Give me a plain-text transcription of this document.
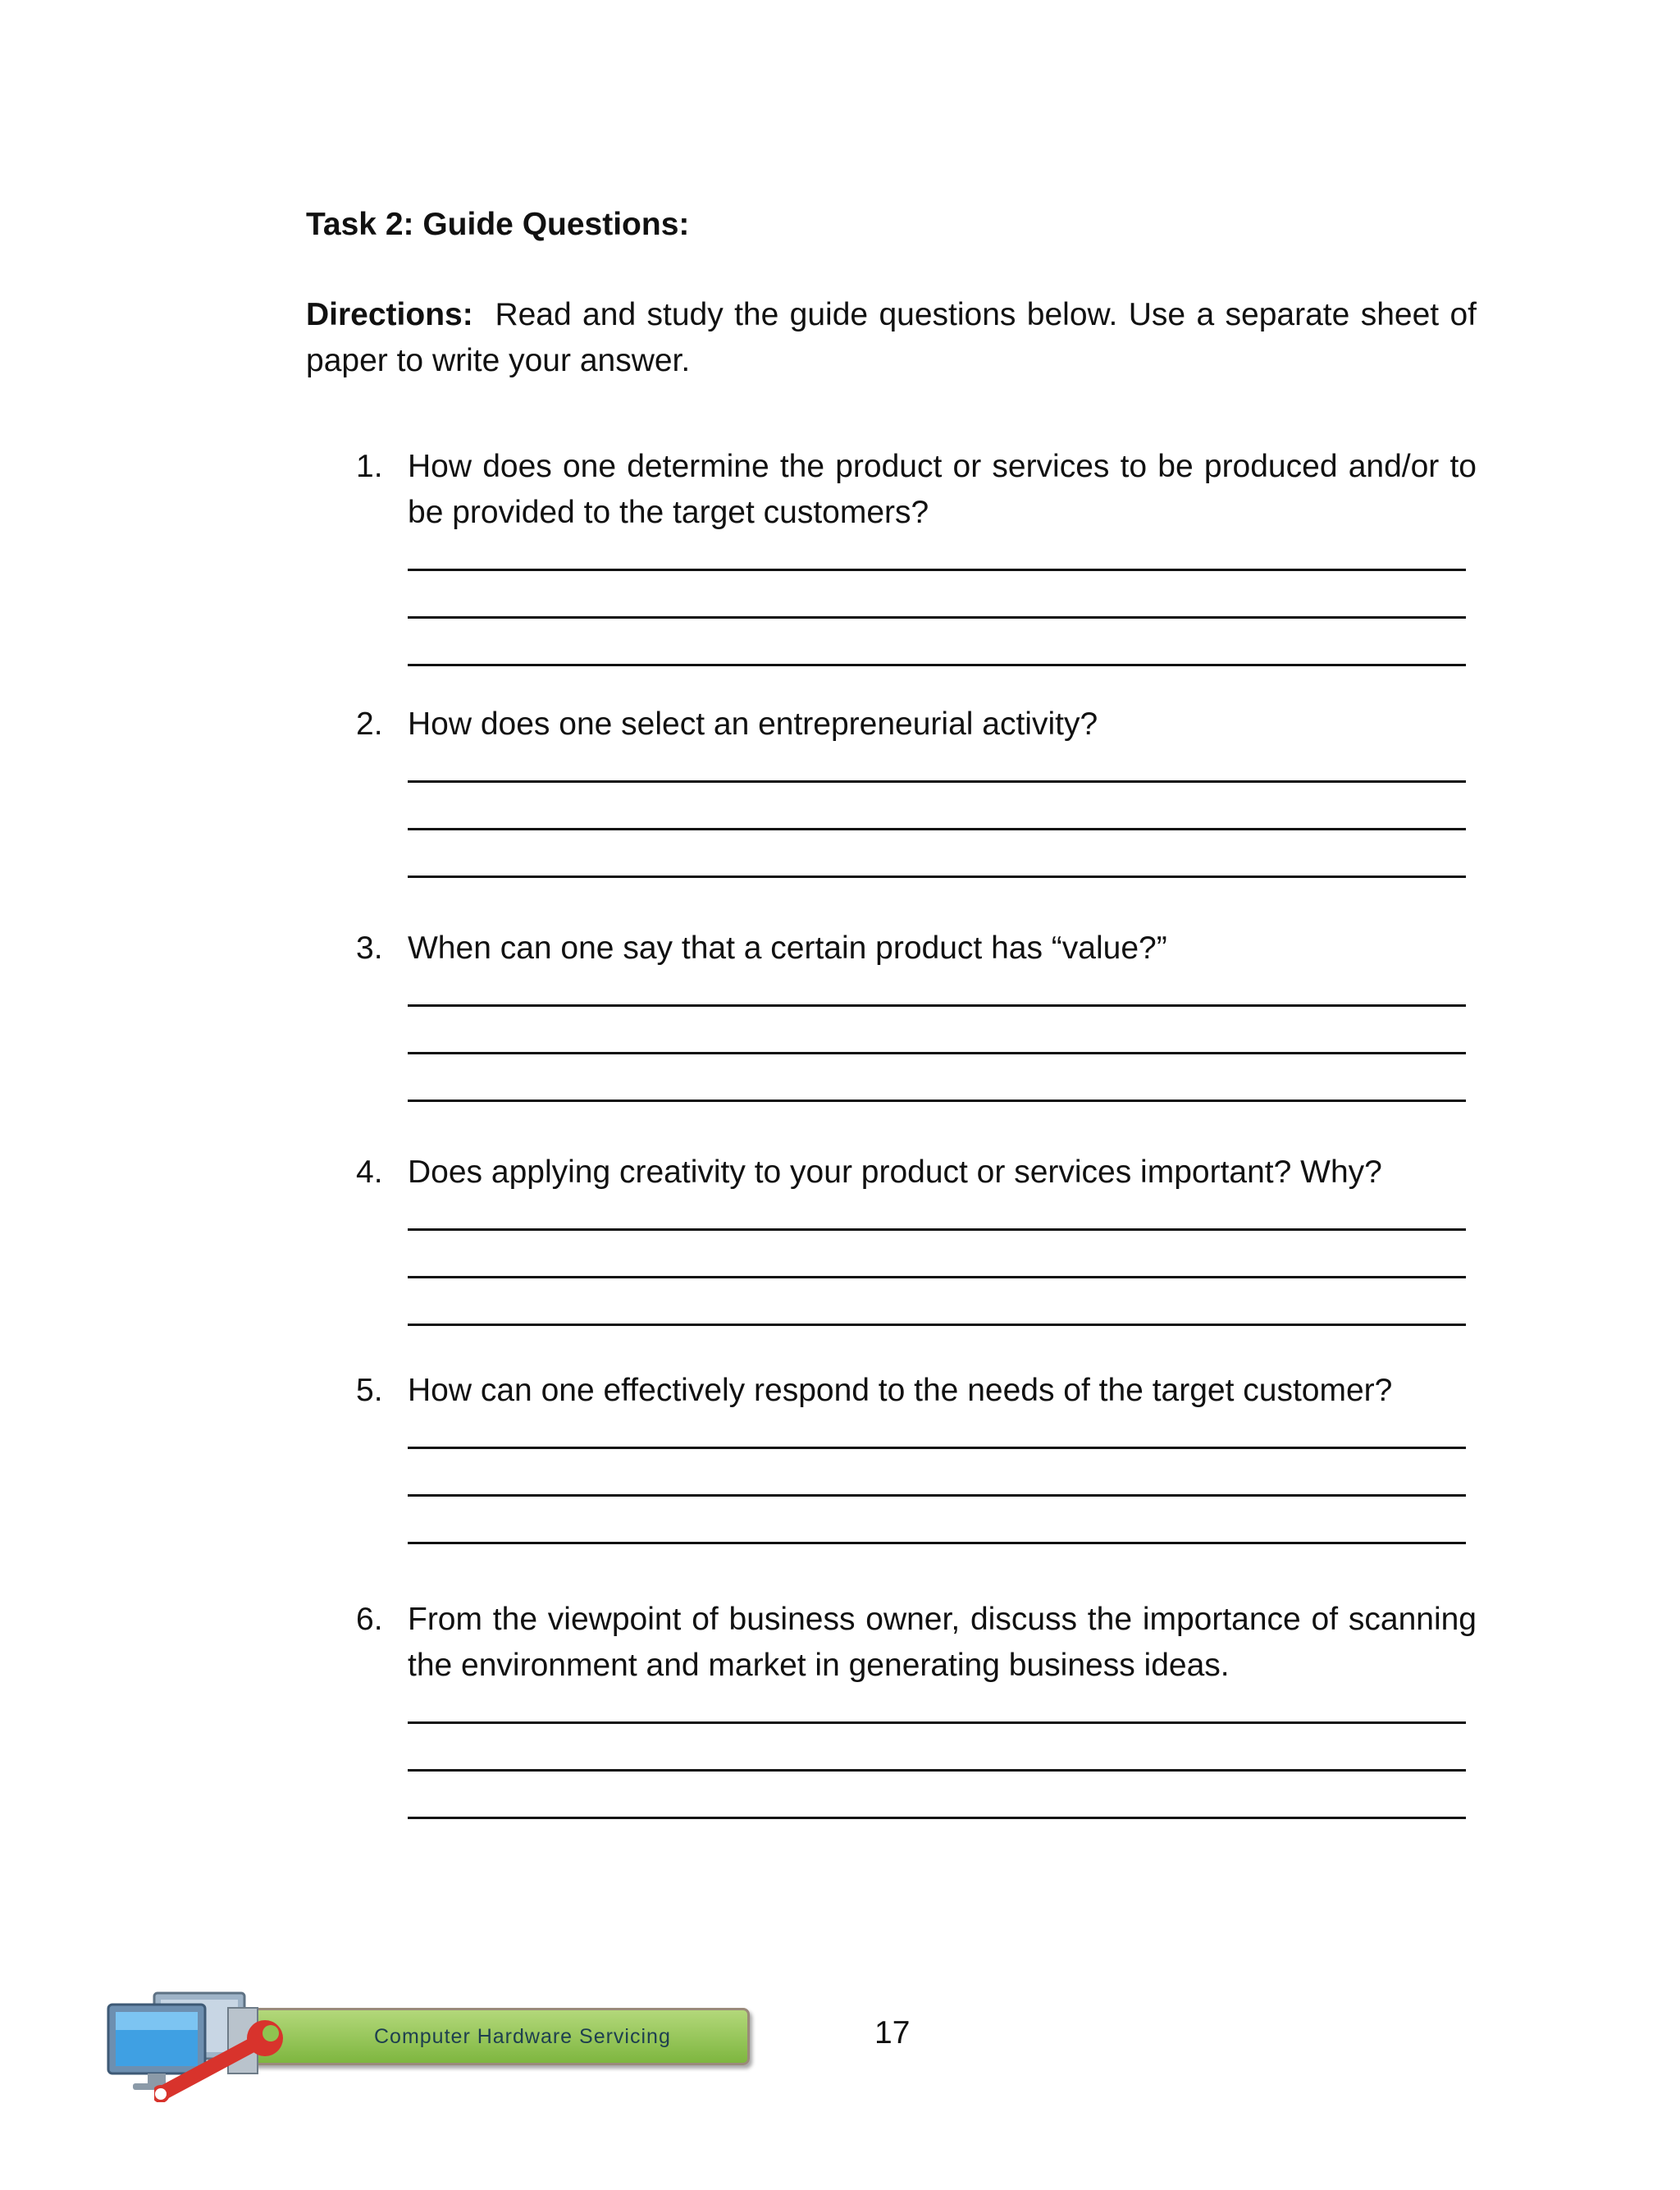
Task 2: Guide Questions:
Directions: Read and study the guide questions below. Use a separate sheet of paper to write your answer.
1. How does one determine the product or services to be produced and/or to be provided to the target customers?
2. How does one select an entrepreneurial activity?
3. When can one say that a certain product has “value?”
4. Does applying creativity to your product or services important? Why?
5. How can one effectively respond to the needs of the target customer?
6. From the viewpoint of business owner, discuss the importance of scanning the environment and market in generating business ideas.
Computer Hardware Servicing	17
